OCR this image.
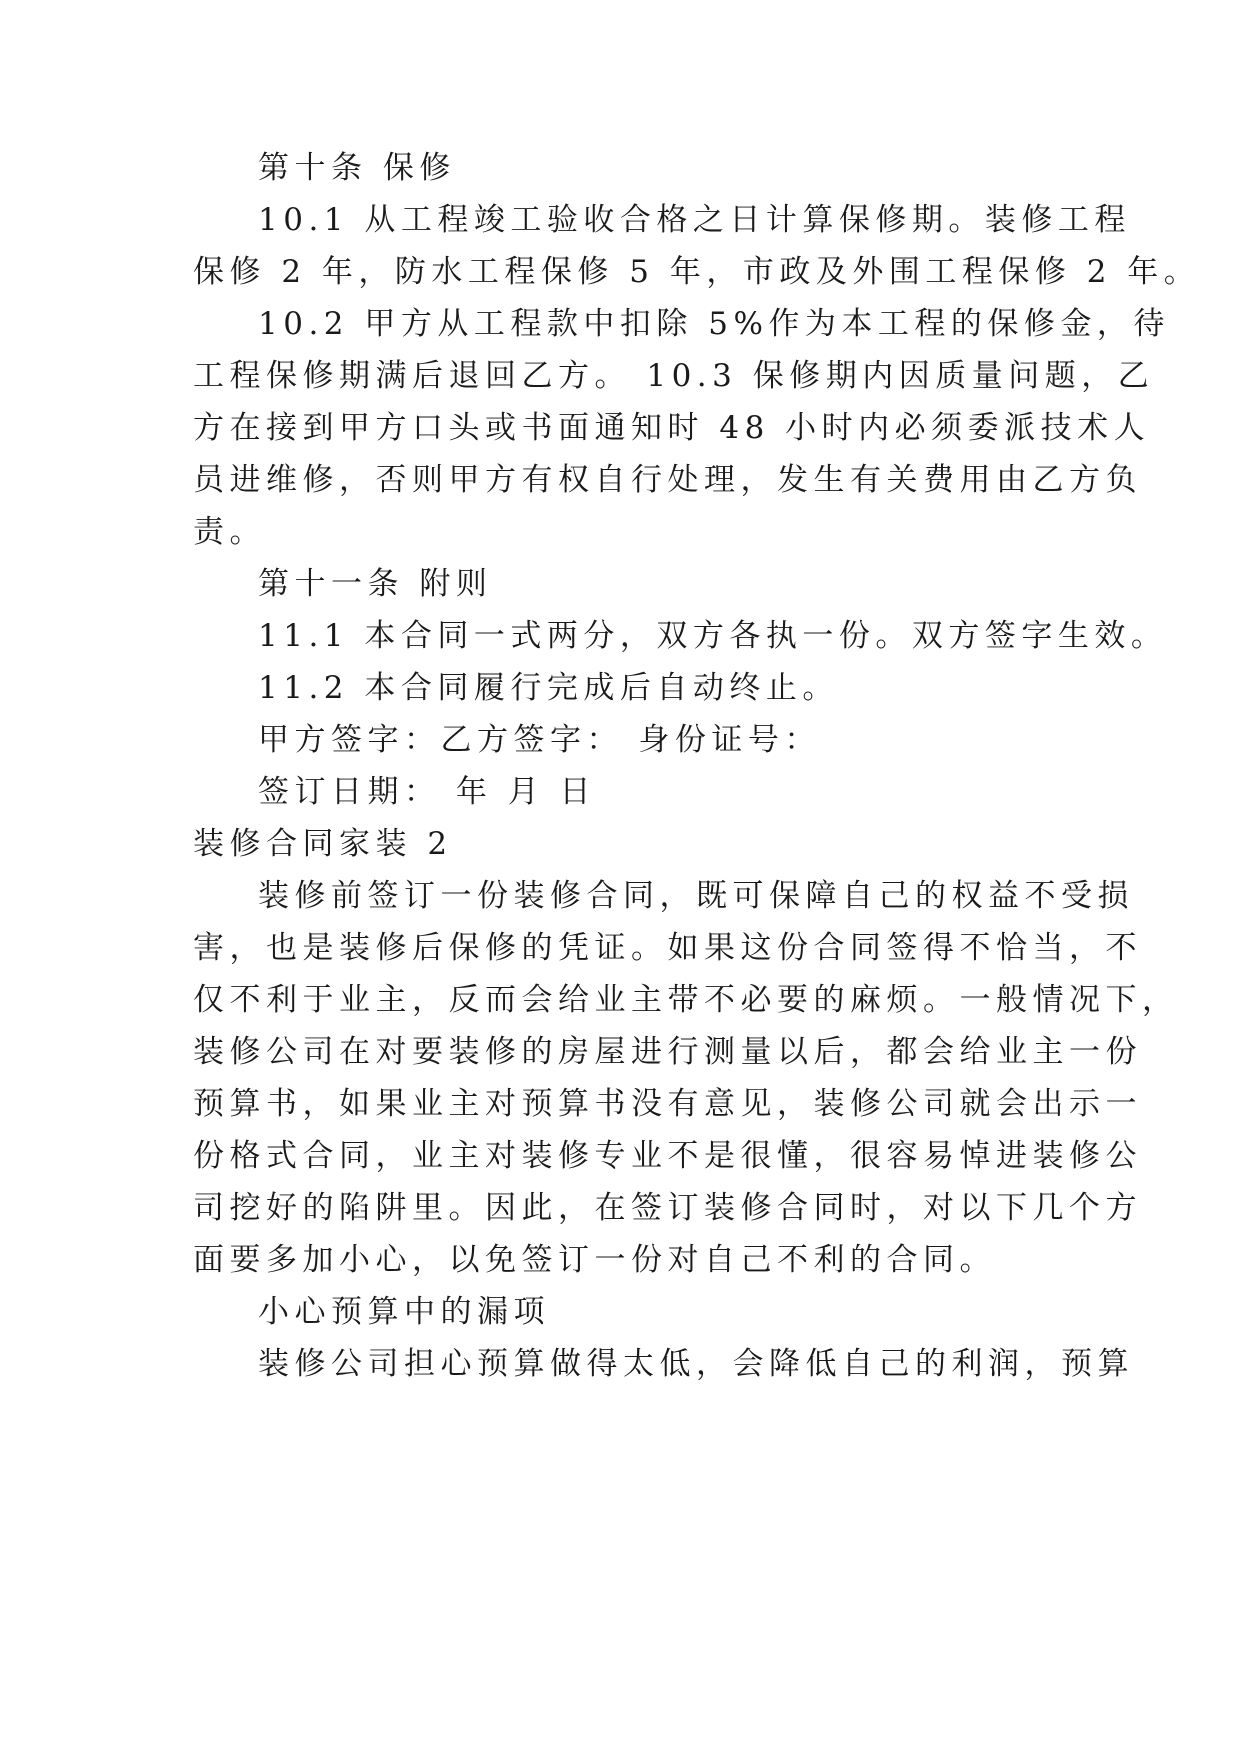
第十条 保修
10.1 从工程竣工验收合格之日计算保修期。装修工程
保修 2 年，防水工程保修 5 年，市政及外围工程保修 2 年。
10.2 甲方从工程款中扣除 5%作为本工程的保修金，待
工程保修期满后退回乙方。 10.3 保修期内因质量问题，乙
方在接到甲方口头或书面通知时 48 小时内必须委派技术人
员进维修，否则甲方有权自行处理，发生有关费用由乙方负
责。
第十一条 附则
11.1 本合同一式两分，双方各执一份。双方签字生效。
11.2 本合同履行完成后自动终止。
甲方签字：乙方签字： 身份证号：
签订日期： 年 月 日
装修合同家装 2
装修前签订一份装修合同，既可保障自己的权益不受损
害，也是装修后保修的凭证。如果这份合同签得不恰当，不
仅不利于业主，反而会给业主带不必要的麻烦。一般情况下，
装修公司在对要装修的房屋进行测量以后，都会给业主一份
预算书，如果业主对预算书没有意见，装修公司就会出示一
份格式合同，业主对装修专业不是很懂，很容易悼进装修公
司挖好的陷阱里。因此，在签订装修合同时，对以下几个方
面要多加小心，以免签订一份对自己不利的合同。
小心预算中的漏项
装修公司担心预算做得太低，会降低自己的利润，预算
